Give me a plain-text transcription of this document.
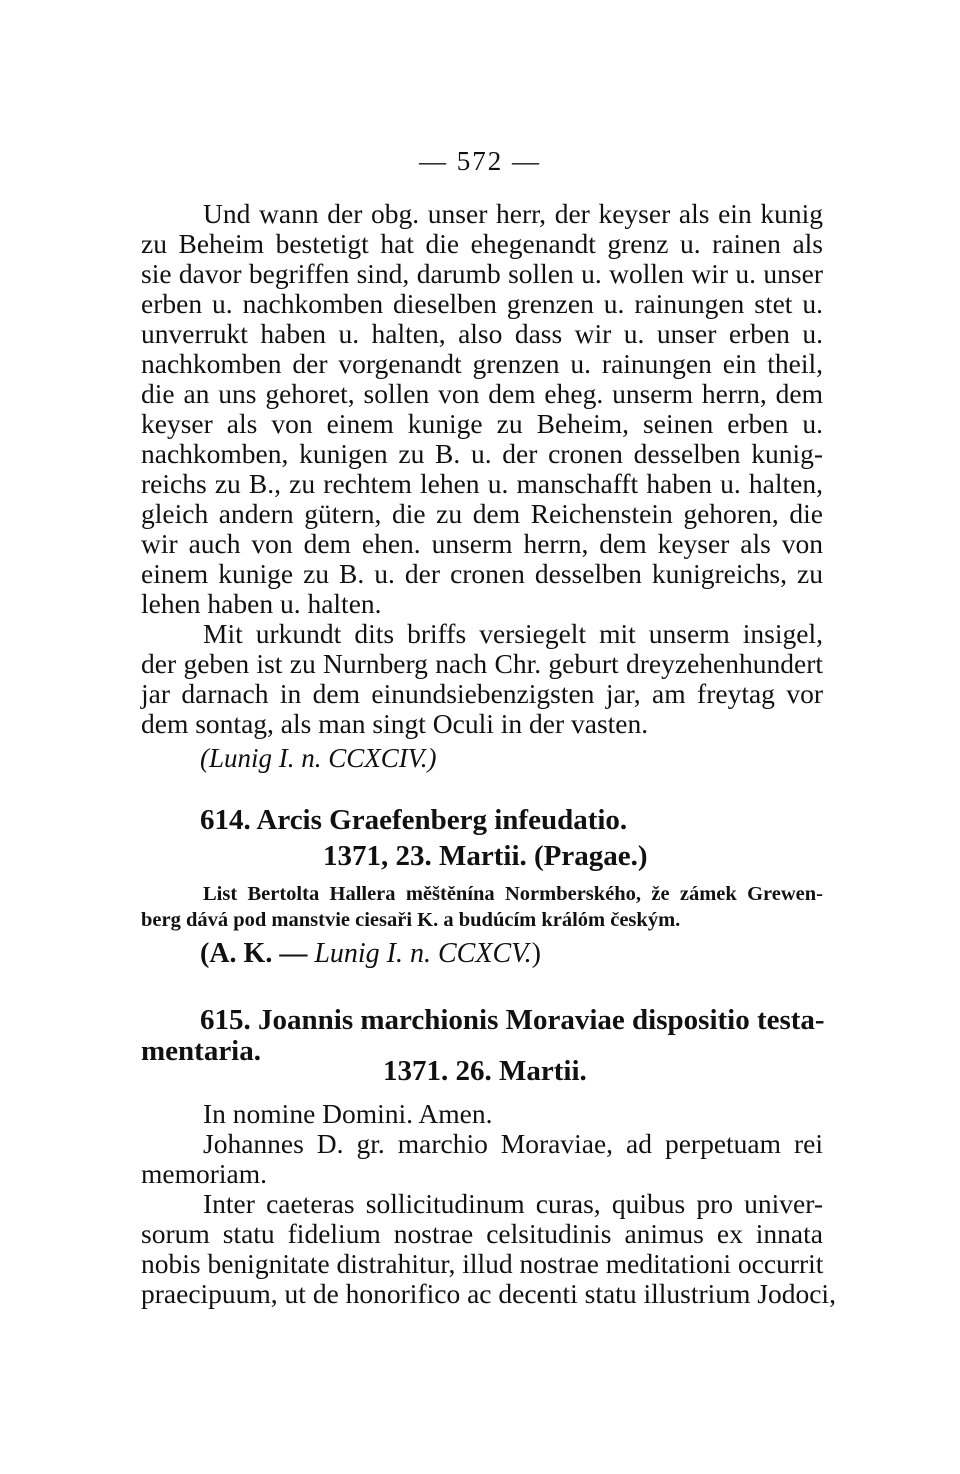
— 572 —
Und wann der obg. unser herr, der keyser als ein kunig
zu Beheim bestetigt hat die ehegenandt grenz u. rainen als
sie davor begriffen sind, darumb sollen u. wollen wir u. unser
erben u. nachkomben dieselben grenzen u. rainungen stet u.
unverrukt haben u. halten, also dass wir u. unser erben u.
nachkomben der vorgenandt grenzen u. rainungen ein theil,
die an uns gehoret, sollen von dem eheg. unserm herrn, dem
keyser als von einem kunige zu Beheim, seinen erben u.
nachkomben, kunigen zu B. u. der cronen desselben kunig-
reichs zu B., zu rechtem lehen u. manschafft haben u. halten,
gleich andern gütern, die zu dem Reichenstein gehoren, die
wir auch von dem ehen. unserm herrn, dem keyser als von
einem kunige zu B. u. der cronen desselben kunigreichs, zu
lehen haben u. halten.
Mit urkundt dits briffs versiegelt mit unserm insigel,
der geben ist zu Nurnberg nach Chr. geburt dreyzehenhundert
jar darnach in dem einundsiebenzigsten jar, am freytag vor
dem sontag, als man singt Oculi in der vasten.
(Lunig I. n. CCXCIV.)
614. Arcis Graefenberg infeudatio.
1371, 23. Martii. (Pragae.)
List Bertolta Hallera měštěnína Normberského, že zámek Grewen-
berg dává pod manstvie ciesaři K. a budúcím králóm českým.
(A. K. — Lunig I. n. CCXCV.)
615. Joannis marchionis Moraviae dispositio testa-
mentaria.
1371. 26. Martii.
In nomine Domini. Amen.
Johannes D. gr. marchio Moraviae, ad perpetuam rei
memoriam.
Inter caeteras sollicitudinum curas, quibus pro univer-
sorum statu fidelium nostrae celsitudinis animus ex innata
nobis benignitate distrahitur, illud nostrae meditationi occurrit
praecipuum, ut de honorifico ac decenti statu illustrium Jodoci,
